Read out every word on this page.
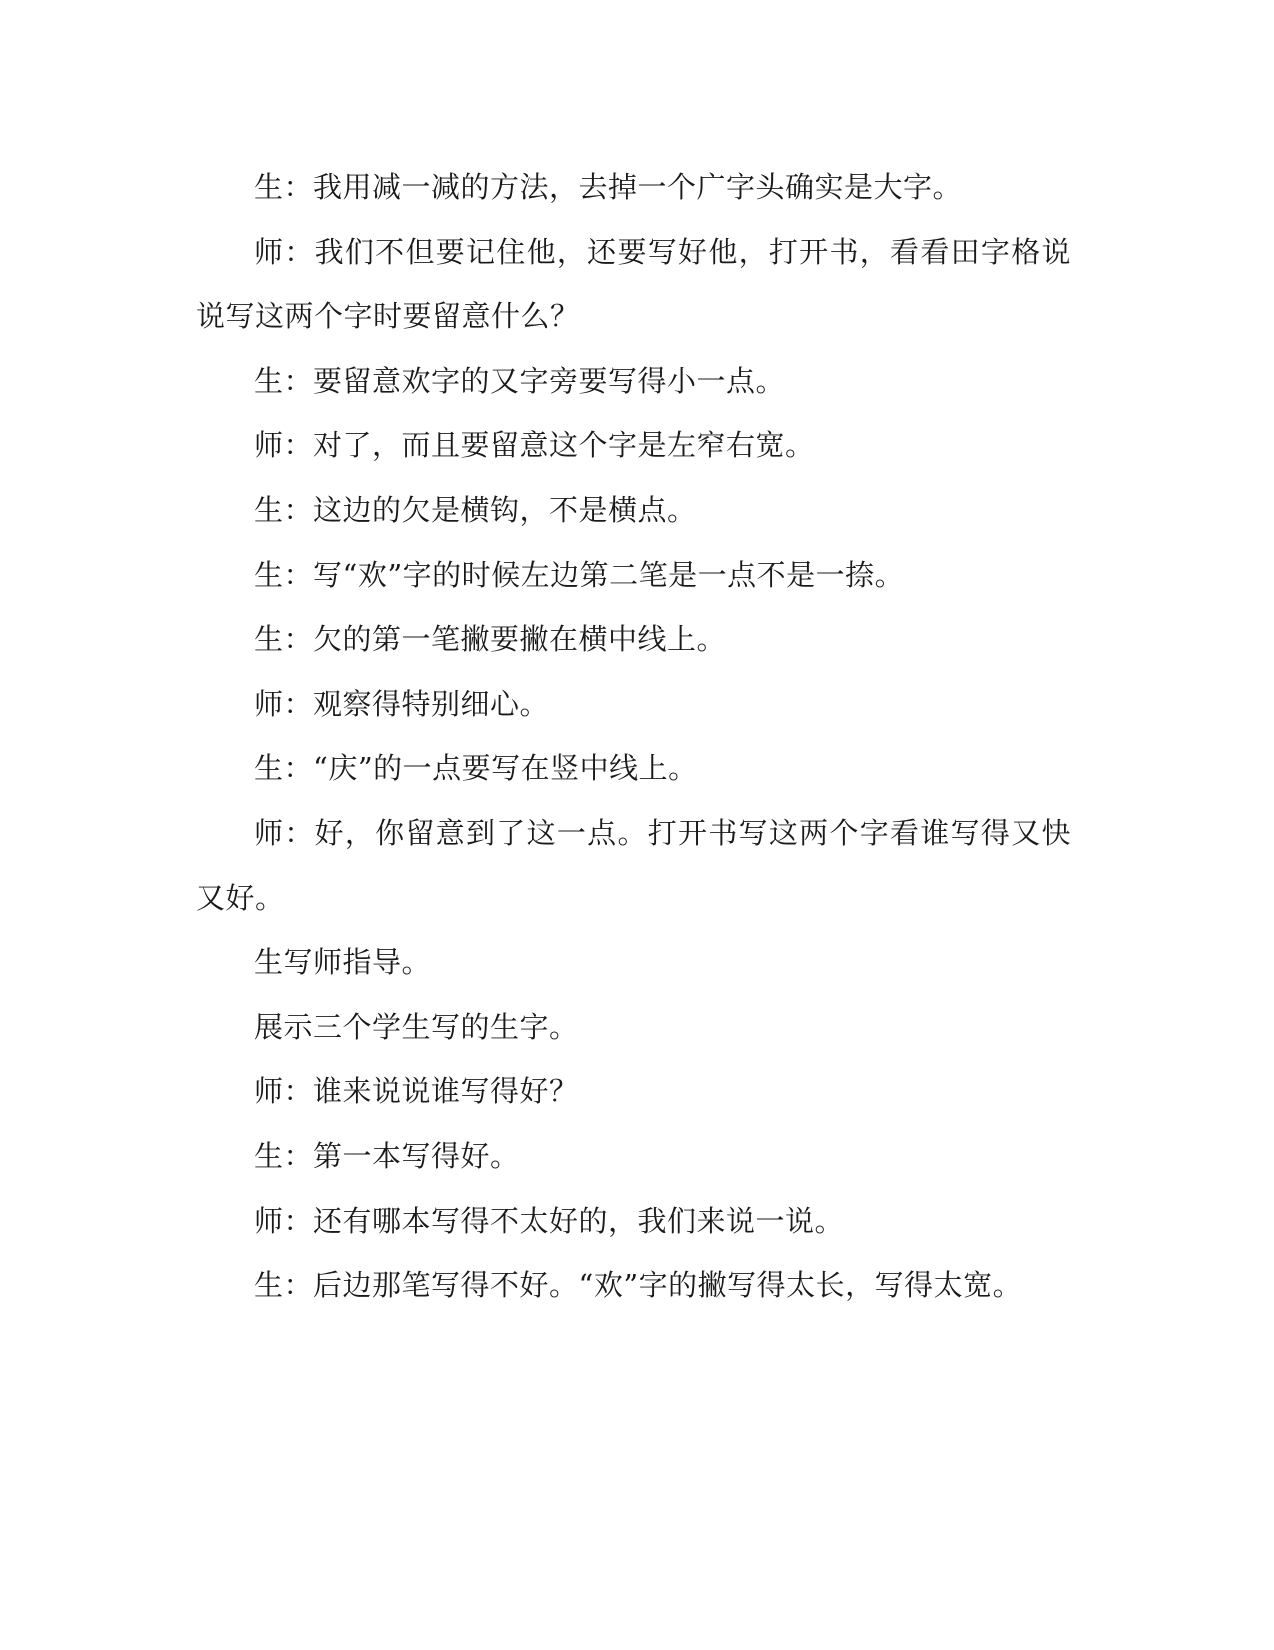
生：我用减一减的方法，去掉一个广字头确实是大字。

师：我们不但要记住他，还要写好他，打开书，看看田字格说说写这两个字时要留意什么？

生：要留意欢字的又字旁要写得小一点。

师：对了，而且要留意这个字是左窄右宽。

生：这边的欠是横钩，不是横点。

生：写“欢”字的时候左边第二笔是一点不是一捺。

生：欠的第一笔撇要撇在横中线上。

师：观察得特别细心。

生：“庆”的一点要写在竖中线上。

师：好，你留意到了这一点。打开书写这两个字看谁写得又快又好。

生写师指导。

展示三个学生写的生字。

师：谁来说说谁写得好？

生：第一本写得好。

师：还有哪本写得不太好的，我们来说一说。

生：后边那笔写得不好。“欢”字的撇写得太长，写得太宽。
